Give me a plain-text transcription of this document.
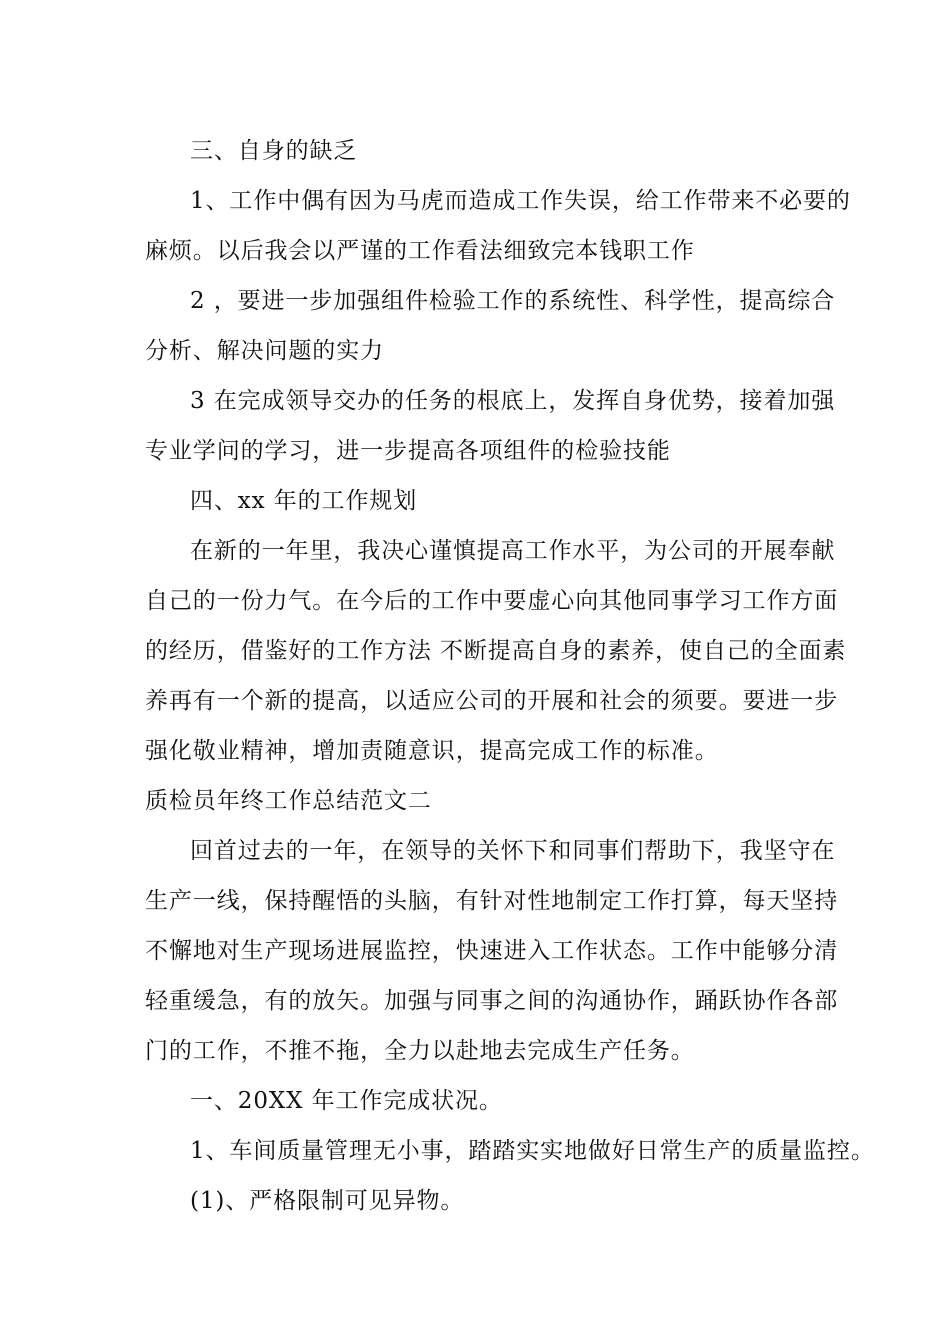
三、自身的缺乏
1、工作中偶有因为马虎而造成工作失误，给工作带来不必要的
麻烦。以后我会以严谨的工作看法细致完本钱职工作
2 ，要进一步加强组件检验工作的系统性、科学性，提高综合
分析、解决问题的实力
3 在完成领导交办的任务的根底上，发挥自身优势，接着加强
专业学问的学习，进一步提高各项组件的检验技能
四、xx 年的工作规划
在新的一年里，我决心谨慎提高工作水平，为公司的开展奉献
自己的一份力气。在今后的工作中要虚心向其他同事学习工作方面
的经历，借鉴好的工作方法 不断提高自身的素养，使自己的全面素
养再有一个新的提高，以适应公司的开展和社会的须要。要进一步
强化敬业精神，增加责随意识，提高完成工作的标准。
质检员年终工作总结范文二
回首过去的一年，在领导的关怀下和同事们帮助下，我坚守在
生产一线，保持醒悟的头脑，有针对性地制定工作打算，每天坚持
不懈地对生产现场进展监控，快速进入工作状态。工作中能够分清
轻重缓急，有的放矢。加强与同事之间的沟通协作，踊跃协作各部
门的工作，不推不拖，全力以赴地去完成生产任务。
一、20XX 年工作完成状况。
1、车间质量管理无小事，踏踏实实地做好日常生产的质量监控。
(1)、严格限制可见异物。
